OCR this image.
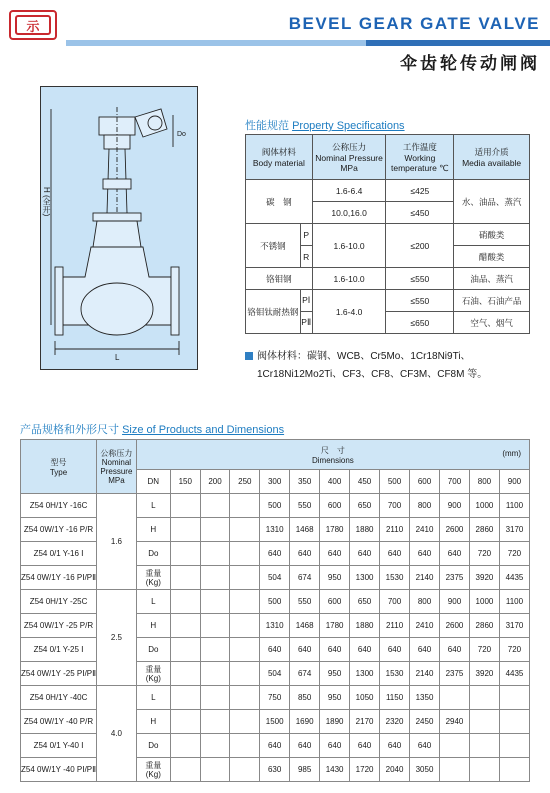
示	BEVEL GEAR GATE VALVE
伞齿轮传动闸阀
H (全开)
L
Do
性能规范 Property Specifications
阀体材料
Body material		公称压力
Nominal Pressure MPa	工作温度
Working temperature ℃	适用介质
Media available
碳　钢		1.6-6.4	≤425	水、油品、蒸汽
		10.0,16.0	≤450	
不锈钢	P	1.6-10.0	≤200	硝酸类
	R			醋酸类
铬钼钢		1.6-10.0	≤550	油品、蒸汽
铬钼钛耐热钢	PⅠ	1.6-4.0	≤550	石油、石油产品
	PⅡ		≤650	空气、烟气
阀体材料：碳钢、WCB、Cr5Mo、1Cr18Ni9Ti、
1Cr18Ni12Mo2Ti、CF3、CF8、CF3M、CF8M 等。
产品规格和外形尺寸 Size of Products and Dimensions
型号
Type	公称压力
Nominal Pressure MPa	尺　寸
Dimensions
(mm)												

		DN	150	200	250	300	350	400	450	500	600	700	800	900
Z54 0H/1Y -16C	1.6	L				500	550	600	650	700	800	900	1000	1100
Z54 0W/1Y -16 P/R		H				1310	1468	1780	1880	2110	2410	2600	2860	3170
Z54 0/1 Y-16 Ⅰ		Do				640	640	640	640	640	640	640	720	720
Z54 0W/1Y -16 PⅠ/PⅡ		重量 (Kg)				504	674	950	1300	1530	2140	2375	3920	4435
Z54 0H/1Y -25C	2.5	L				500	550	600	650	700	800	900	1000	1100
Z54 0W/1Y -25 P/R		H				1310	1468	1780	1880	2110	2410	2600	2860	3170
Z54 0/1 Y-25 Ⅰ		Do				640	640	640	640	640	640	640	720	720
Z54 0W/1Y -25 PⅠ/PⅡ		重量 (Kg)				504	674	950	1300	1530	2140	2375	3920	4435
Z54 0H/1Y -40C	4.0	L				750	850	950	1050	1150	1350			
Z54 0W/1Y -40 P/R		H				1500	1690	1890	2170	2320	2450	2940		
Z54 0/1 Y-40 Ⅰ		Do				640	640	640	640	640	640			
Z54 0W/1Y -40 PⅠ/PⅡ		重量 (Kg)				630	985	1430	1720	2040	3050			
